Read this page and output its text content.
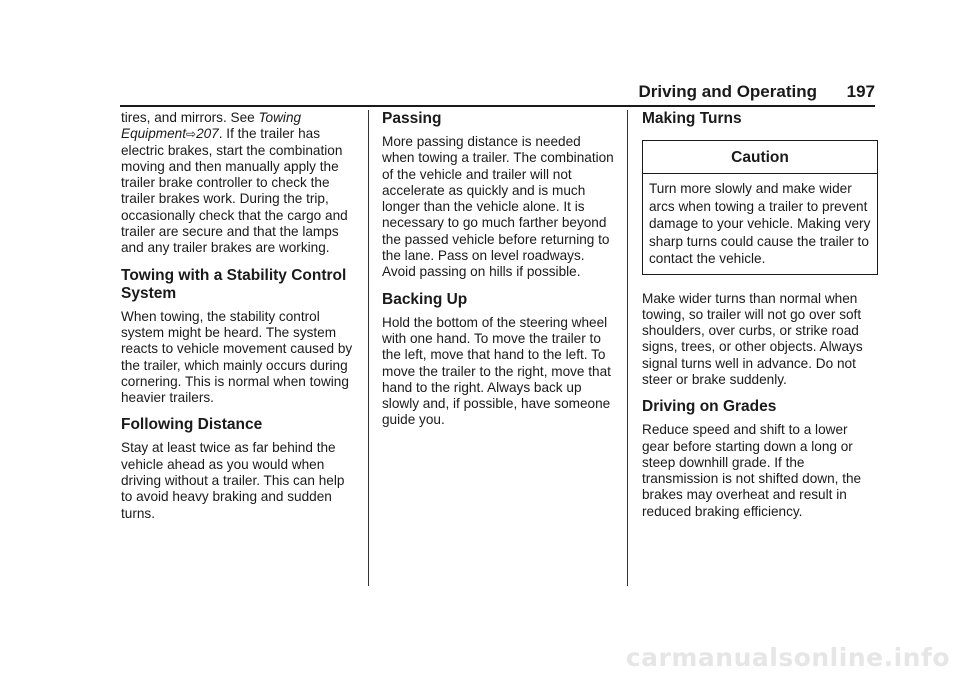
Driving and Operating 197

tires, and mirrors. See Towing Equipment⇨207. If the trailer has electric brakes, start the combination moving and then manually apply the trailer brake controller to check the trailer brakes work. During the trip, occasionally check that the cargo and trailer are secure and that the lamps and any trailer brakes are working.

Towing with a Stability Control System

When towing, the stability control system might be heard. The system reacts to vehicle movement caused by the trailer, which mainly occurs during cornering. This is normal when towing heavier trailers.

Following Distance

Stay at least twice as far behind the vehicle ahead as you would when driving without a trailer. This can help to avoid heavy braking and sudden turns.

Passing

More passing distance is needed when towing a trailer. The combination of the vehicle and trailer will not accelerate as quickly and is much longer than the vehicle alone. It is necessary to go much farther beyond the passed vehicle before returning to the lane. Pass on level roadways. Avoid passing on hills if possible.

Backing Up

Hold the bottom of the steering wheel with one hand. To move the trailer to the left, move that hand to the left. To move the trailer to the right, move that hand to the right. Always back up slowly and, if possible, have someone guide you.

Making Turns
Caution
Turn more slowly and make wider arcs when towing a trailer to prevent damage to your vehicle. Making very sharp turns could cause the trailer to contact the vehicle.

Make wider turns than normal when towing, so trailer will not go over soft shoulders, over curbs, or strike road signs, trees, or other objects. Always signal turns well in advance. Do not steer or brake suddenly.

Driving on Grades

Reduce speed and shift to a lower gear before starting down a long or steep downhill grade. If the transmission is not shifted down, the brakes may overheat and result in reduced braking efficiency.

carmanualsonline.info
